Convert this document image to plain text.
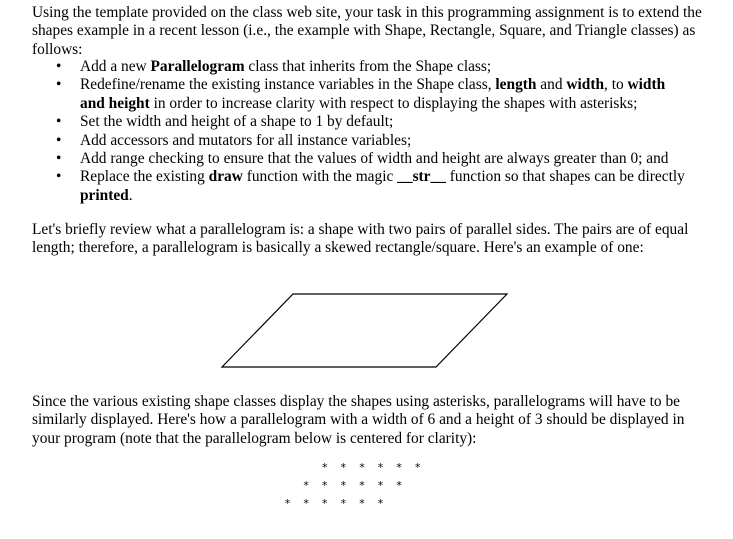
Using the template provided on the class web site, your task in this programming assignment is to extend the shapes example in a recent lesson (i.e., the example with Shape, Rectangle, Square, and Triangle classes) as follows:
•	Add a new Parallelogram class that inherits from the Shape class;
•	Redefine/rename the existing instance variables in the Shape class, length and width, to width
and height in order to increase clarity with respect to displaying the shapes with asterisks;
•	Set the width and height of a shape to 1 by default;
•	Add accessors and mutators for all instance variables;
•	Add range checking to ensure that the values of width and height are always greater than 0; and
•	Replace the existing draw function with the magic __str__ function so that shapes can be directly printed.
Let's briefly review what a parallelogram is: a shape with two pairs of parallel sides. The pairs are of equal length; therefore, a parallelogram is basically a skewed rectangle/square. Here's an example of one:
Since the various existing shape classes display the shapes using asterisks, parallelograms will have to be similarly displayed. Here's how a parallelogram with a width of 6 and a height of 3 should be displayed in your program (note that the parallelogram below is centered for clarity):
* * * * * *
* * * * * *
* * * * * *
